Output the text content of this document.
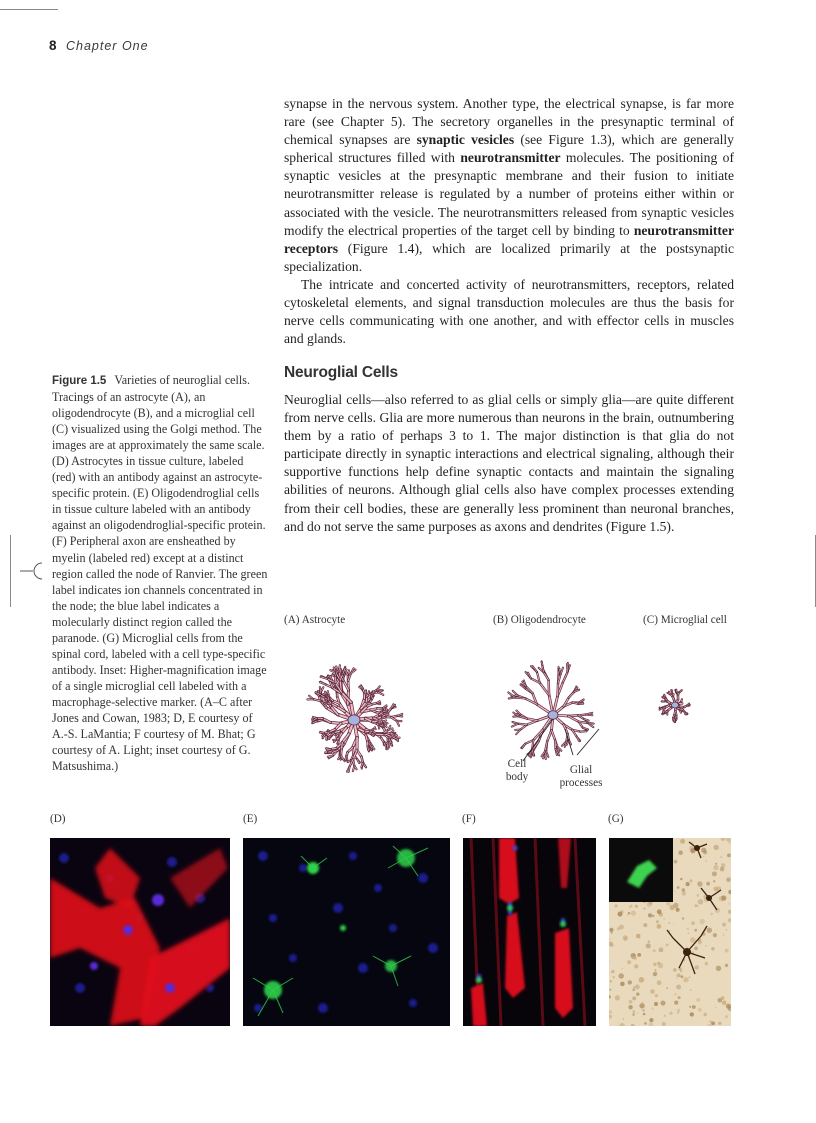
8 Chapter One

synapse in the nervous system. Another type, the electrical synapse, is far more rare (see Chapter 5). The secretory organelles in the presynaptic terminal of chemical synapses are synaptic vesicles (see Figure 1.3), which are generally spherical structures filled with neurotransmitter molecules. The positioning of synaptic vesicles at the presynaptic membrane and their fusion to initiate neurotransmitter release is regulated by a number of proteins either within or associated with the vesicle. The neurotransmitters released from synaptic vesicles modify the electrical properties of the target cell by binding to neurotransmitter receptors (Figure 1.4), which are localized primarily at the postsynaptic specialization.

The intricate and concerted activity of neurotransmitters, receptors, related cytoskeletal elements, and signal transduction molecules are thus the basis for nerve cells communicating with one another, and with effector cells in muscles and glands.

Neuroglial Cells

Neuroglial cells—also referred to as glial cells or simply glia—are quite different from nerve cells. Glia are more numerous than neurons in the brain, outnumbering them by a ratio of perhaps 3 to 1. The major distinction is that glia do not participate directly in synaptic interactions and electrical signaling, although their supportive functions help define synaptic contacts and maintain the signaling abilities of neurons. Although glial cells also have complex processes extending from their cell bodies, these are generally less prominent than neuronal branches, and do not serve the same purposes as axons and dendrites (Figure 1.5).

Figure 1.5 Varieties of neuroglial cells. Tracings of an astrocyte (A), an oligodendrocyte (B), and a microglial cell (C) visualized using the Golgi method. The images are at approximately the same scale. (D) Astrocytes in tissue culture, labeled (red) with an antibody against an astrocyte-specific protein. (E) Oligodendroglial cells in tissue culture labeled with an antibody against an oligodendroglial-specific protein. (F) Peripheral axon are ensheathed by myelin (labeled red) except at a distinct region called the node of Ranvier. The green label indicates ion channels concentrated in the node; the blue label indicates a molecularly distinct region called the paranode. (G) Microglial cells from the spinal cord, labeled with a cell type-specific antibody. Inset: Higher-magnification image of a single microglial cell labeled with a macrophage-selective marker. (A–C after Jones and Cowan, 1983; D, E courtesy of A.-S. LaMantia; F courtesy of M. Bhat; G courtesy of A. Light; inset courtesy of G. Matsushima.)
(A) Astrocyte	(B) Oligodendrocyte	(C) Microglial cell
(D)	(E)	(F)	(G)
Cell
body
Glial
processes
